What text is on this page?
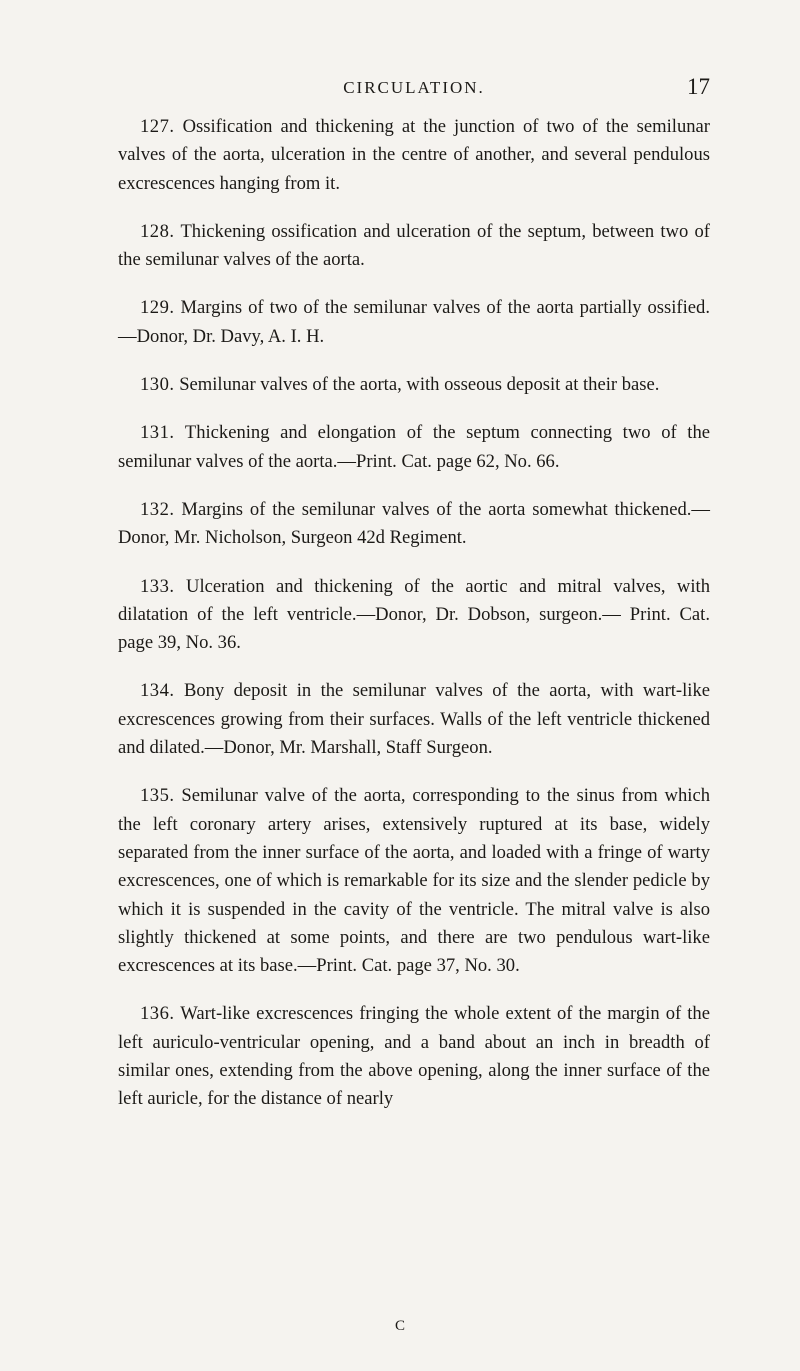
CIRCULATION.	17

127. Ossification and thickening at the junction of two of the semilunar valves of the aorta, ulceration in the centre of another, and several pendulous excrescences hanging from it.

128. Thickening ossification and ulceration of the septum, between two of the semilunar valves of the aorta.

129. Margins of two of the semilunar valves of the aorta partially ossified.—Donor, Dr. Davy, A. I. H.

130. Semilunar valves of the aorta, with osseous deposit at their base.

131. Thickening and elongation of the septum connecting two of the semilunar valves of the aorta.—Print. Cat. page 62, No. 66.

132. Margins of the semilunar valves of the aorta somewhat thickened.—Donor, Mr. Nicholson, Surgeon 42d Regiment.

133. Ulceration and thickening of the aortic and mitral valves, with dilatation of the left ventricle.—Donor, Dr. Dobson, surgeon.— Print. Cat. page 39, No. 36.

134. Bony deposit in the semilunar valves of the aorta, with wart-like excrescences growing from their surfaces. Walls of the left ventricle thickened and dilated.—Donor, Mr. Marshall, Staff Surgeon.

135. Semilunar valve of the aorta, corresponding to the sinus from which the left coronary artery arises, extensively ruptured at its base, widely separated from the inner surface of the aorta, and loaded with a fringe of warty excrescences, one of which is remarkable for its size and the slender pedicle by which it is suspended in the cavity of the ventricle. The mitral valve is also slightly thickened at some points, and there are two pendulous wart-like excrescences at its base.—Print. Cat. page 37, No. 30.

136. Wart-like excrescences fringing the whole extent of the margin of the left auriculo-ventricular opening, and a band about an inch in breadth of similar ones, extending from the above opening, along the inner surface of the left auricle, for the distance of nearly

C
